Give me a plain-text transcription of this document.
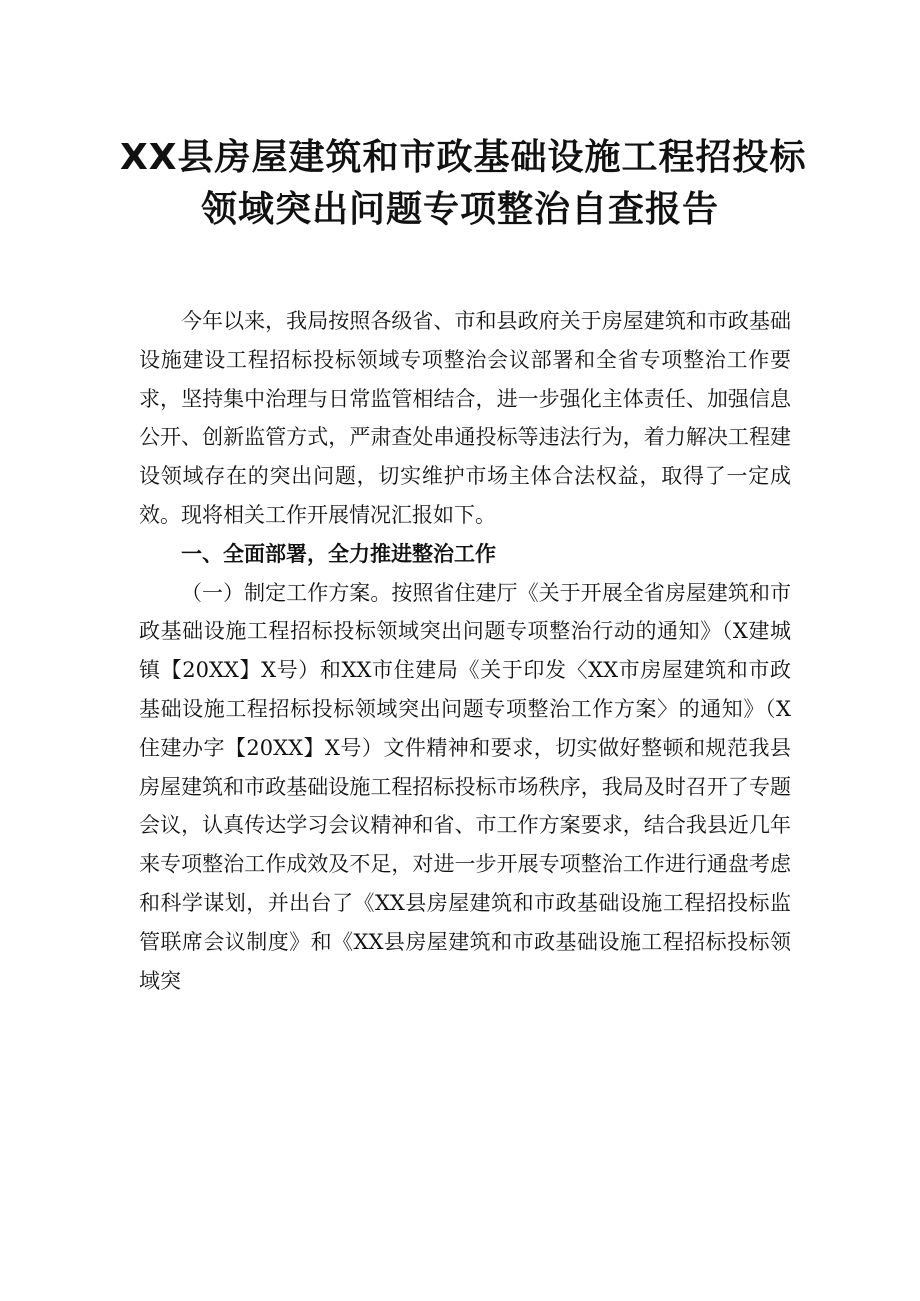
XX县房屋建筑和市政基础设施工程招投标
领域突出问题专项整治自查报告

今年以来，我局按照各级省、市和县政府关于房屋建筑和市政基础设施建设工程招标投标领域专项整治会议部署和全省专项整治工作要求，坚持集中治理与日常监管相结合，进一步强化主体责任、加强信息公开、创新监管方式，严肃查处串通投标等违法行为，着力解决工程建设领域存在的突出问题，切实维护市场主体合法权益，取得了一定成效。现将相关工作开展情况汇报如下。

一、全面部署，全力推进整治工作

（一）制定工作方案。按照省住建厅《关于开展全省房屋建筑和市政基础设施工程招标投标领域突出问题专项整治行动的通知》（X建城镇【20XX】X号）和XX市住建局《关于印发〈XX市房屋建筑和市政基础设施工程招标投标领域突出问题专项整治工作方案〉的通知》（X住建办字【20XX】X号）文件精神和要求，切实做好整顿和规范我县房屋建筑和市政基础设施工程招标投标市场秩序，我局及时召开了专题会议，认真传达学习会议精神和省、市工作方案要求，结合我县近几年来专项整治工作成效及不足，对进一步开展专项整治工作进行通盘考虑和科学谋划，并出台了《XX县房屋建筑和市政基础设施工程招投标监管联席会议制度》和《XX县房屋建筑和市政基础设施工程招标投标领域突
